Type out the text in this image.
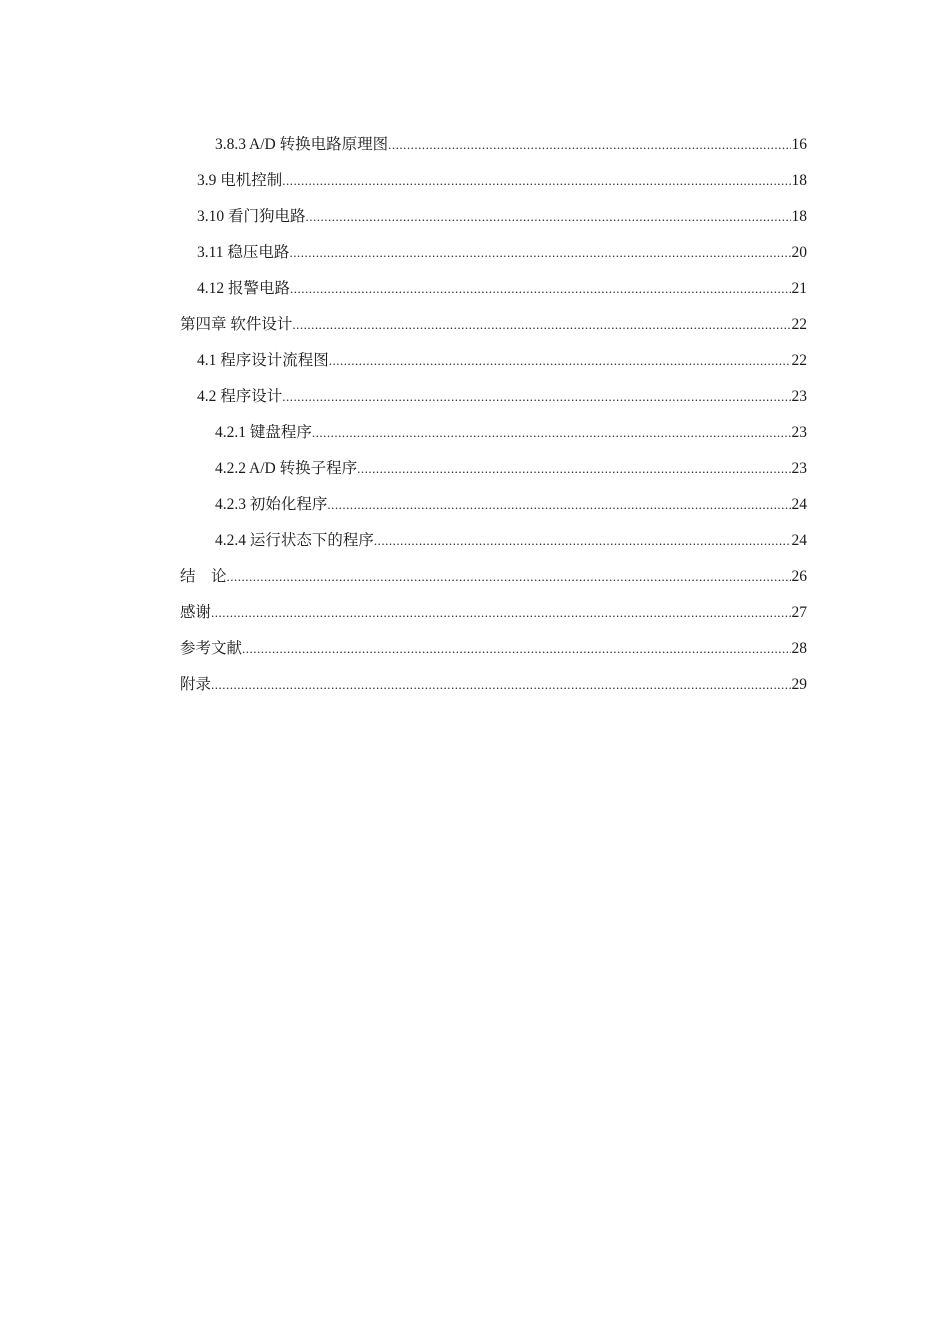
3.8.3 A/D 转换电路原理图 .....	16
3.9 电机控制 .....	18
3.10 看门狗电路 .....	18
3.11 稳压电路 .....	20
4.12 报警电路 .....	21
第四章 软件设计 .....	22
4.1 程序设计流程图 .....	22
4.2 程序设计 .....	23
4.2.1 键盘程序 .....	23
4.2.2 A/D 转换子程序 .....	23
4.2.3 初始化程序 .....	24
4.2.4 运行状态下的程序 .....	24
结    论 .....	26
感谢 .....	27
参考文献 .....	28
附录 .....	29
